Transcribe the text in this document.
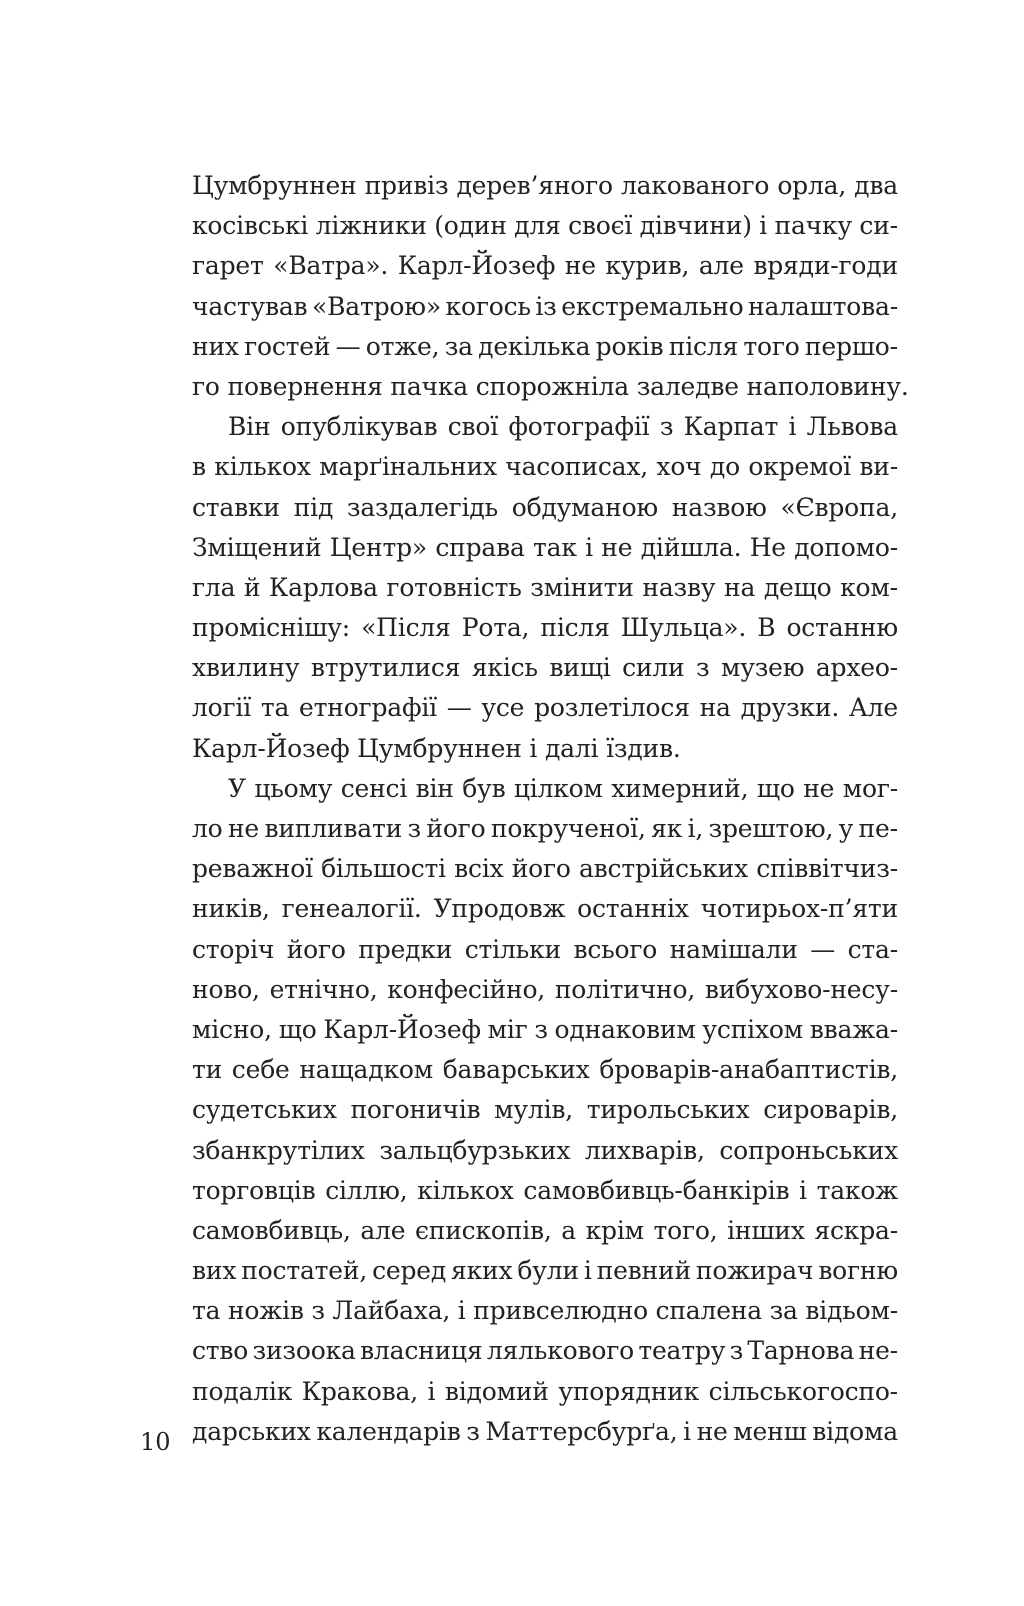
Цумбруннен привіз дерев’яного лакованого орла, два
косівські ліжники (один для своєї дівчини) і пачку си-
гарет «Ватра». Карл-Йозеф не курив, але вряди-годи
частував «Ватрою» когось із екстремально налаштова-
них гостей — отже, за декілька років після того першо-
го повернення пачка спорожніла заледве наполовину.
Він опублікував свої фотографії з Карпат і Львова
в кількох марґінальних часописах, хоч до окремої ви-
ставки під заздалегідь обдуманою назвою «Європа,
Зміщений Центр» справа так і не дійшла. Не допомо-
гла й Карлова готовність змінити назву на дещо ком-
проміснішу: «Після Рота, після Шульца». В останню
хвилину втрутилися якісь вищі сили з музею архео-
логії та етнографії — усе розлетілося на друзки. Але
Карл-Йозеф Цумбруннен і далі їздив.
У цьому сенсі він був цілком химерний, що не мог-
ло не випливати з його покрученої, як і, зрештою, у пе-
реважної більшості всіх його австрійських співвітчиз-
ників, генеалогії. Упродовж останніх чотирьох-п’яти
сторіч його предки стільки всього намішали — ста-
ново, етнічно, конфесійно, політично, вибухово-несу-
місно, що Карл-Йозеф міг з однаковим успіхом вважа-
ти себе нащадком баварських броварів-анабаптистів,
судетських погоничів мулів, тирольських сироварів,
збанкрутілих зальцбурзьких лихварів, сопроньських
торговців сіллю, кількох самовбивць-банкірів і також
самовбивць, але єпископів, а крім того, інших яскра-
вих постатей, серед яких були і певний пожирач вогню
та ножів з Лайбаха, і привселюдно спалена за відьом-
ство зизоока власниця лялькового театру з Тарнова не-
подалік Кракова, і відомий упорядник сільськогоспо-
дарських календарів з Маттерсбурґа, і не менш відома
10
